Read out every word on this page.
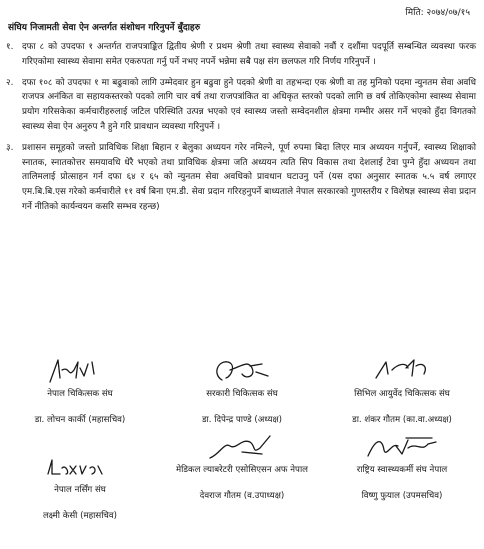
मिति: २०७४/०७/१५
संघिय निजामती सेवा ऐन अन्तर्गत संशोधन गरिनुपर्ने बुँदाहरु
१. दफा ८ को उपदफा १ अन्तर्गत राजपत्राङ्कित द्वितीय श्रेणी र प्रथम श्रेणी तथा स्वास्थ्य सेवाको नवौं र दशौंमा पदपूर्ति सम्बन्धित व्यवस्था फरक गरिएकोमा स्वास्थ्य सेवामा समेत एकरुपता गर्नु पर्ने नभए नपर्ने भन्नेमा सबै पक्ष संग छलफल गरि निर्णय गरिनुपर्ने ।
२. दफा १०८ को उपदफा १ मा बढुवाको लागि उम्मेदवार हुन बढुवा हुने पदको श्रेणी वा तहभन्दा एक श्रेणी वा तह मुनिको पदमा न्युनतम सेवा अवधि राजपत्र अनंकित वा सहायकस्तरको पदको लागि चार वर्ष तथा राजपत्रांकित वा अधिकृत स्तरको पदको लागि छ वर्ष तोकिएकोमा स्वास्थ्य सेवामा प्रयोग गरिसकेका कर्मचारीहरुलाई जटिल परिस्थिति उत्पन्न भएको एवं स्वास्थ्य जस्तो सम्वेदनशील क्षेत्रमा गम्भीर असर गर्ने भएको हुँदा विगतको स्वास्थ्य सेवा ऐन अनुरुप नै हुने गरि प्रावधान व्यवस्था गरिनुपर्ने ।
३. प्रशासन समूहको जस्तो प्राविधिक शिक्षा बिहान र बेलुका अध्ययन गरेर नमिल्ने, पूर्ण रुपमा बिदा लिएर मात्र अध्ययन गर्नुपर्ने, स्वास्थ्य शिक्षाको स्नातक, स्नातकोत्तर समयावधि धेरै भएको तथा प्राविधिक क्षेत्रमा जति अध्ययन त्यति सिप विकास तथा देशलाई टेवा पुग्ने हुँदा अध्ययन तथा तालिमलाई प्रोत्साहन गर्न दफा ६४ र ६५ को न्युनतम सेवा अवधिको प्रावधान घटाउनु पर्ने (यस दफा अनुसार स्नातक ५.५ वर्ष लगाएर एम.बि.बि.एस गरेको कर्मचारीले ११ वर्ष बिना एम.डी. सेवा प्रदान गरिरहनुपर्ने बाध्यताले नेपाल सरकारको गुणस्तरीय र विशेषज्ञ स्वास्थ्य सेवा प्रदान गर्ने नीतिको कार्यन्वयन कसरि सम्भव रहन्छ)
नेपाल चिकित्सक संघ
डा. लोचन कार्की (महासचिव)
सरकारी चिकित्सक संघ
डा. दिपेन्द्र पाण्डे (अध्यक्ष)
सिभिल आयुर्वेद चिकित्सक संघ
डा. शंकर गौतम (का.वा.अध्यक्ष)
नेपाल नर्सिंग संघ
लक्ष्मी केसी (महासचिव)
मेडिकल ल्याबरेटरी एसोसिएसन अफ नेपाल
देवराज गौतम (व.उपाध्यक्ष)
राष्ट्रिय स्वास्थ्यकर्मी संघ नेपाल
विष्णु फुयाल (उपमसचिव)
